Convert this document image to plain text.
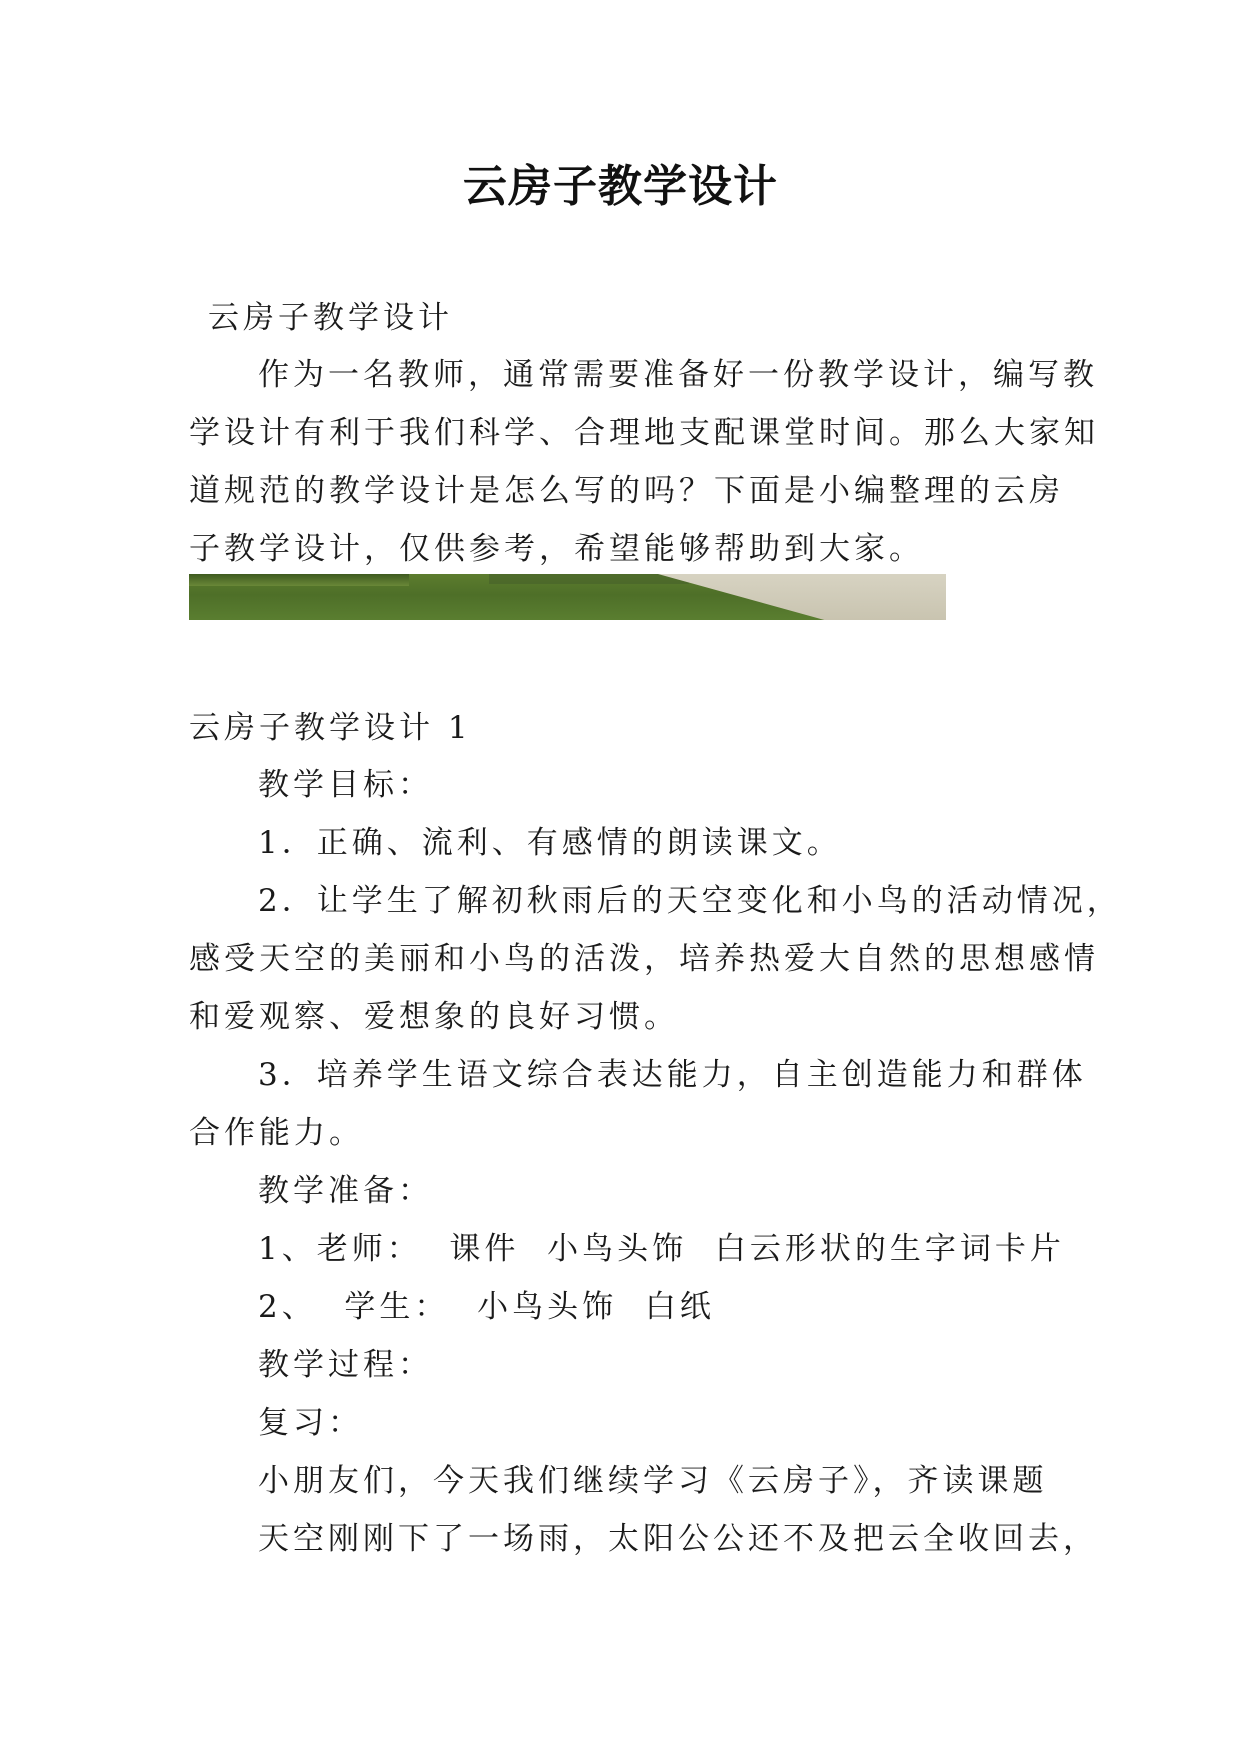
云房子教学设计
云房子教学设计
作为一名教师，通常需要准备好一份教学设计，编写教
学设计有利于我们科学、合理地支配课堂时间。那么大家知
道规范的教学设计是怎么写的吗？下面是小编整理的云房
子教学设计，仅供参考，希望能够帮助到大家。
云房子教学设计 1
教学目标：
1．正确、流利、有感情的朗读课文。
2．让学生了解初秋雨后的天空变化和小鸟的活动情况，
感受天空的美丽和小鸟的活泼，培养热爱大自然的思想感情
和爱观察、爱想象的良好习惯。
3．培养学生语文综合表达能力，自主创造能力和群体
合作能力。
教学准备：
1、老师：  课件  小鸟头饰  白云形状的生字词卡片
2、  学生：  小鸟头饰  白纸
教学过程：
复习：
小朋友们，今天我们继续学习《云房子》，齐读课题
天空刚刚下了一场雨，太阳公公还不及把云全收回去，
